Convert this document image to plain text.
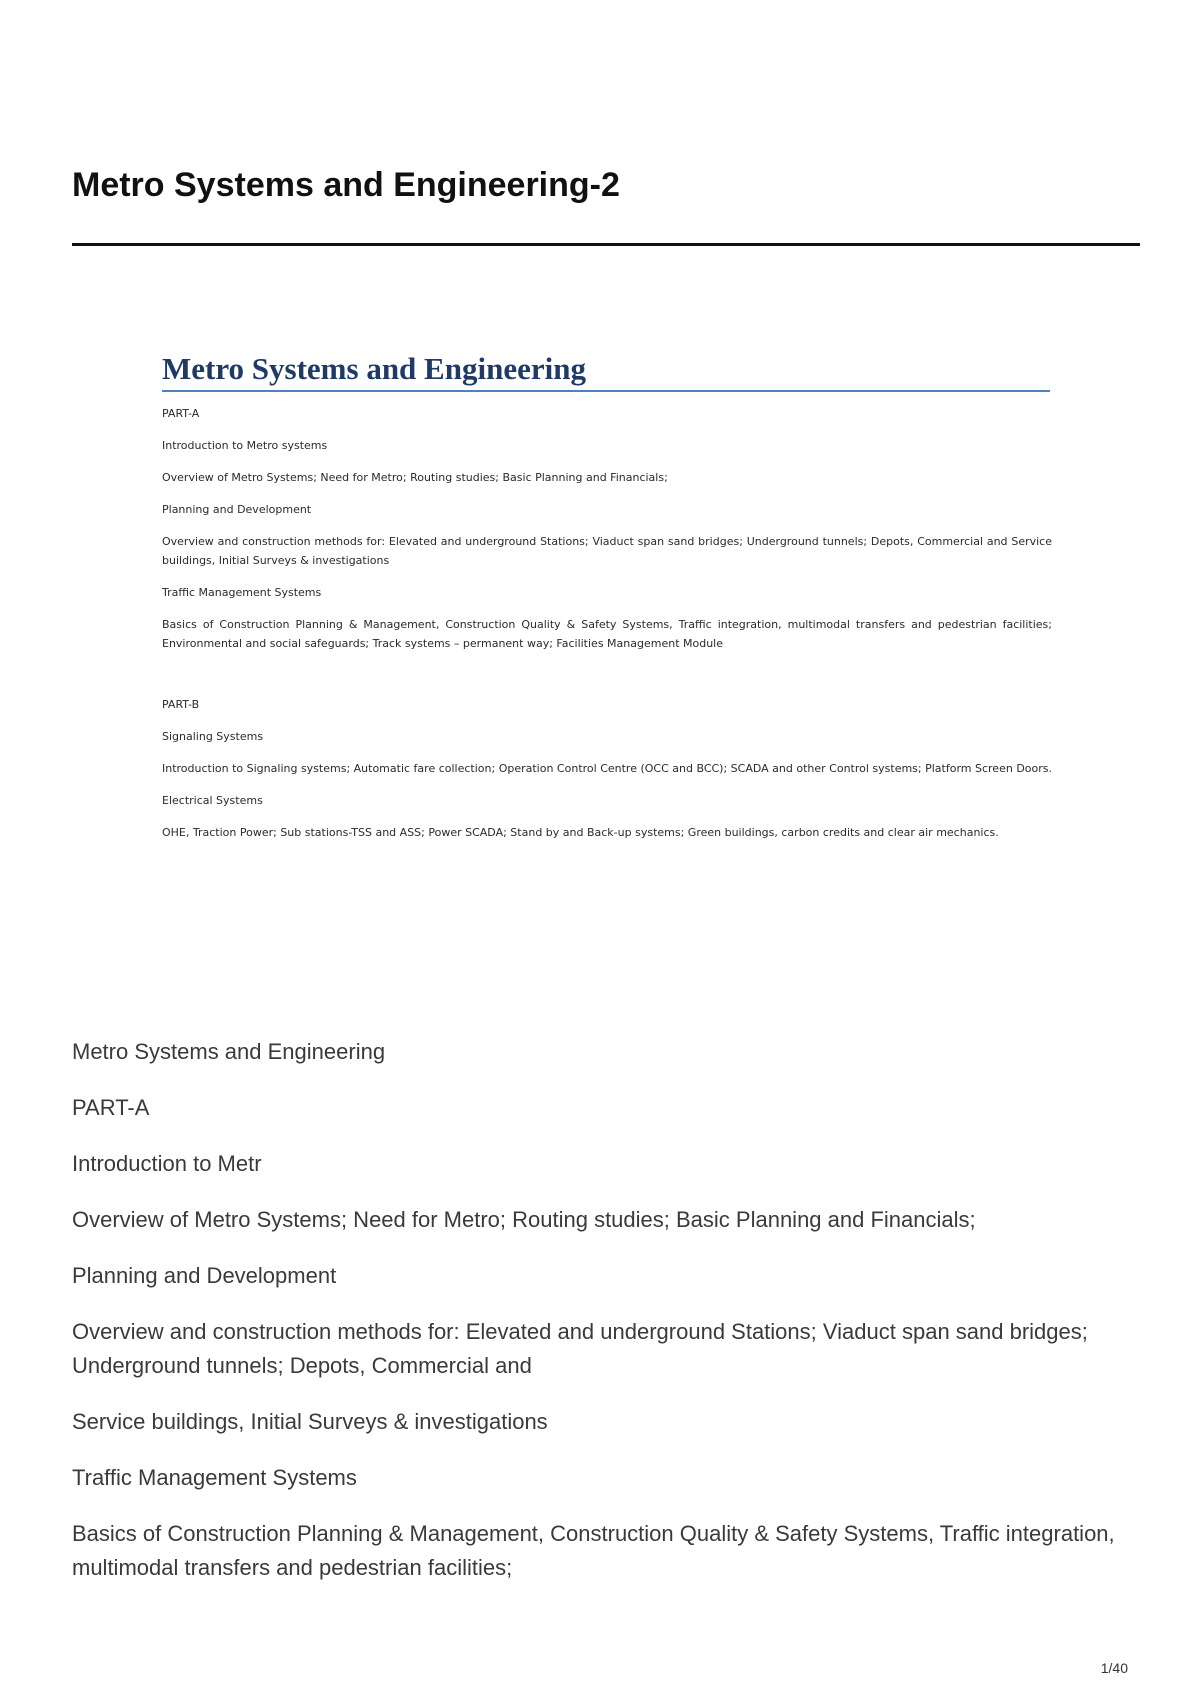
Metro Systems and Engineering-2
Metro Systems and Engineering

PART-A

Introduction to Metro systems

Overview of Metro Systems; Need for Metro; Routing studies; Basic Planning and Financials;

Planning and Development

Overview and construction methods for: Elevated and underground Stations; Viaduct span sand bridges; Underground tunnels; Depots, Commercial and Service buildings, Initial Surveys & investigations

Traffic Management Systems

Basics of Construction Planning & Management, Construction Quality & Safety Systems, Traffic integration, multimodal transfers and pedestrian facilities; Environmental and social safeguards; Track systems – permanent way; Facilities Management Module

PART-B

Signaling Systems

Introduction to Signaling systems; Automatic fare collection; Operation Control Centre (OCC and BCC); SCADA and other Control systems; Platform Screen Doors.

Electrical Systems

OHE, Traction Power; Sub stations-TSS and ASS; Power SCADA; Stand by and Back-up systems; Green buildings, carbon credits and clear air mechanics.

Metro Systems and Engineering

PART-A

Introduction to Metr

Overview of Metro Systems; Need for Metro; Routing studies; Basic Planning and Financials;

Planning and Development

Overview and construction methods for: Elevated and underground Stations; Viaduct span sand bridges; Underground tunnels; Depots, Commercial and

Service buildings, Initial Surveys & investigations

Traffic Management Systems

Basics of Construction Planning & Management, Construction Quality & Safety Systems, Traffic integration, multimodal transfers and pedestrian facilities;

1/40
